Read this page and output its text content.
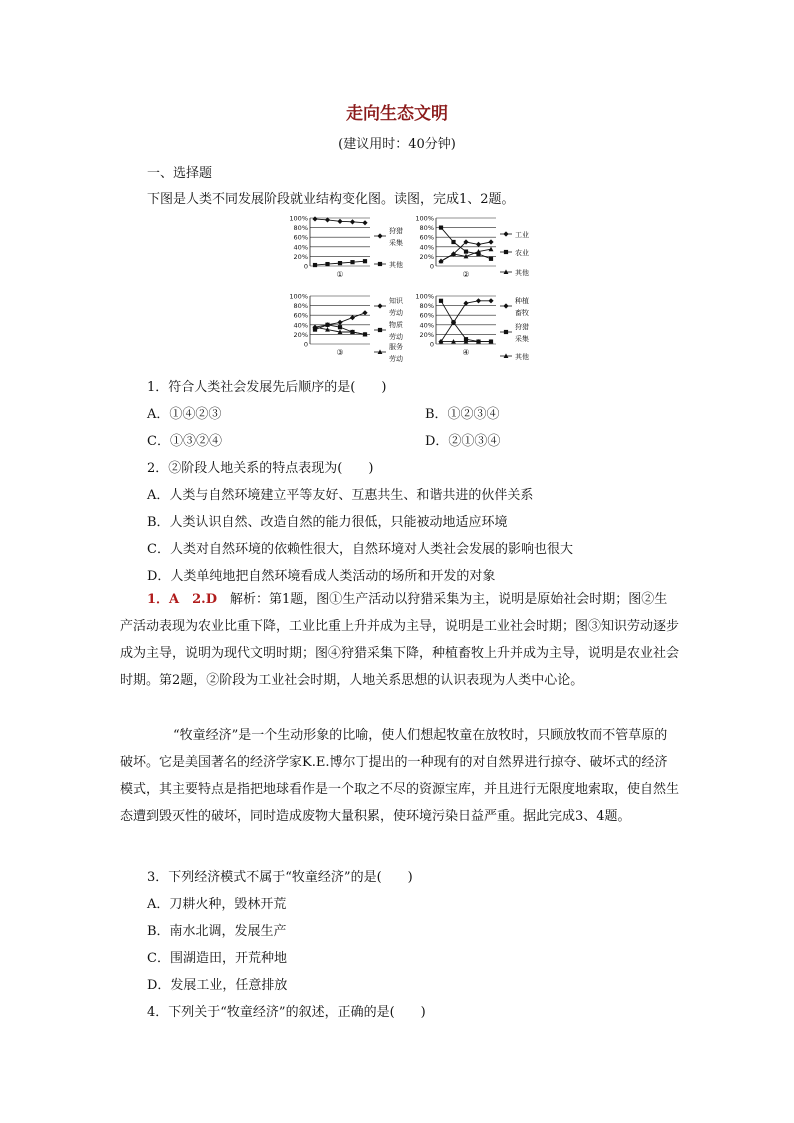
走向生态文明
(建议用时：40分钟)
一、选择题
下图是人类不同发展阶段就业结构变化图。读图，完成1、2题。
100%
80%
60%
40%
20%
0
①
狩猎
采集
其他
100%
80%
60%
40%
20%
0
②
工业
农业
其他
100%
80%
60%
40%
20%
0
③
知识
劳动
物质
劳动
服务
劳动
100%
80%
60%
40%
20%
0
④
种植
畜牧
狩猎
采集
其他
1．符合人类社会发展先后顺序的是(　　)
A．①④②③	B．①②③④
C．①③②④	D．②①③④
2．②阶段人地关系的特点表现为(　　)
A．人类与自然环境建立平等友好、互惠共生、和谐共进的伙伴关系
B．人类认识自然、改造自然的能力很低，只能被动地适应环境
C．人类对自然环境的依赖性很大，自然环境对人类社会发展的影响也很大
D．人类单纯地把自然环境看成人类活动的场所和开发的对象
1．A　2.D　 解析：第1题，图①生产活动以狩猎采集为主，说明是原始社会时期；图②生产活动表现为农业比重下降，工业比重上升并成为主导，说明是工业社会时期；图③知识劳动逐步成为主导，说明为现代文明时期；图④狩猎采集下降，种植畜牧上升并成为主导，说明是农业社会时期。第2题，②阶段为工业社会时期，人地关系思想的认识表现为人类中心论。
“牧童经济”是一个生动形象的比喻，使人们想起牧童在放牧时，只顾放牧而不管草原的破坏。它是美国著名的经济学家K.E.博尔丁提出的一种现有的对自然界进行掠夺、破坏式的经济模式，其主要特点是指把地球看作是一个取之不尽的资源宝库，并且进行无限度地索取，使自然生态遭到毁灭性的破坏，同时造成废物大量积累，使环境污染日益严重。据此完成3、4题。
3．下列经济模式不属于“牧童经济”的是(　　)
A．刀耕火种，毁林开荒
B．南水北调，发展生产
C．围湖造田，开荒种地
D．发展工业，任意排放
4．下列关于“牧童经济”的叙述，正确的是(　　)
